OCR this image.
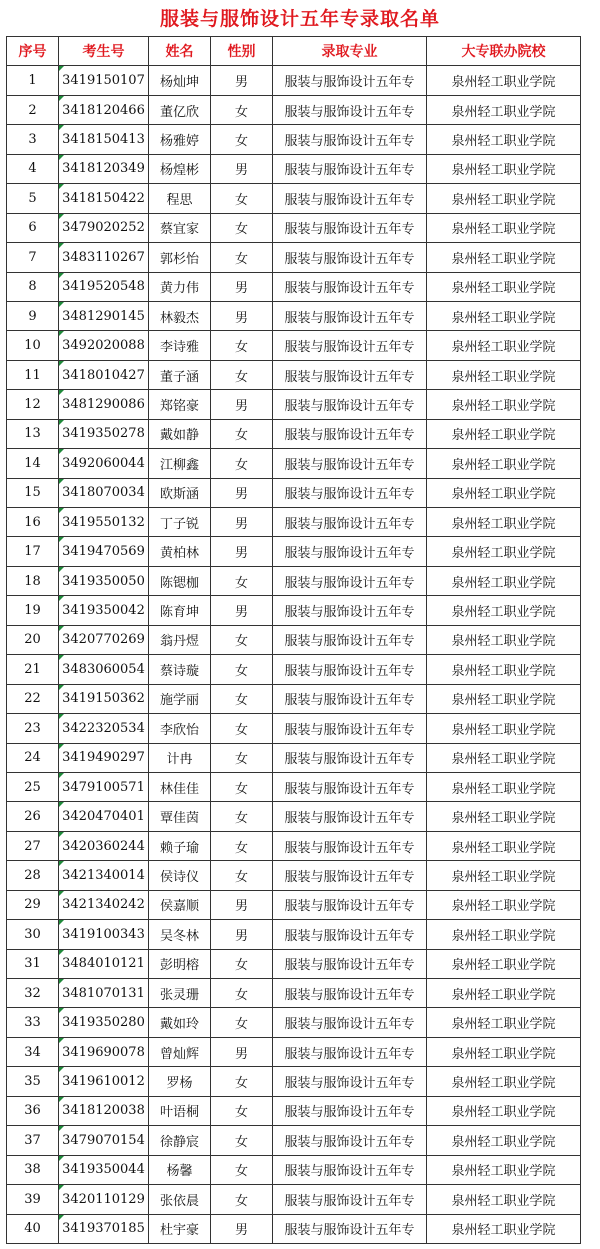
服装与服饰设计五年专录取名单
序号	考生号	姓名	性别	录取专业	大专联办院校
1	3419150107	杨灿坤	男	服装与服饰设计五年专	泉州轻工职业学院
2	3418120466	董亿欣	女	服装与服饰设计五年专	泉州轻工职业学院
3	3418150413	杨雅婷	女	服装与服饰设计五年专	泉州轻工职业学院
4	3418120349	杨煌彬	男	服装与服饰设计五年专	泉州轻工职业学院
5	3418150422	程思	女	服装与服饰设计五年专	泉州轻工职业学院
6	3479020252	蔡宜家	女	服装与服饰设计五年专	泉州轻工职业学院
7	3483110267	郭杉怡	女	服装与服饰设计五年专	泉州轻工职业学院
8	3419520548	黄力伟	男	服装与服饰设计五年专	泉州轻工职业学院
9	3481290145	林毅杰	男	服装与服饰设计五年专	泉州轻工职业学院
10	3492020088	李诗雅	女	服装与服饰设计五年专	泉州轻工职业学院
11	3418010427	董子涵	女	服装与服饰设计五年专	泉州轻工职业学院
12	3481290086	郑铭豪	男	服装与服饰设计五年专	泉州轻工职业学院
13	3419350278	戴如静	女	服装与服饰设计五年专	泉州轻工职业学院
14	3492060044	江柳鑫	女	服装与服饰设计五年专	泉州轻工职业学院
15	3418070034	欧斯涵	男	服装与服饰设计五年专	泉州轻工职业学院
16	3419550132	丁子锐	男	服装与服饰设计五年专	泉州轻工职业学院
17	3419470569	黄柏林	男	服装与服饰设计五年专	泉州轻工职业学院
18	3419350050	陈锶枷	女	服装与服饰设计五年专	泉州轻工职业学院
19	3419350042	陈育坤	男	服装与服饰设计五年专	泉州轻工职业学院
20	3420770269	翁丹煜	女	服装与服饰设计五年专	泉州轻工职业学院
21	3483060054	蔡诗璇	女	服装与服饰设计五年专	泉州轻工职业学院
22	3419150362	施学丽	女	服装与服饰设计五年专	泉州轻工职业学院
23	3422320534	李欣怡	女	服装与服饰设计五年专	泉州轻工职业学院
24	3419490297	计冉	女	服装与服饰设计五年专	泉州轻工职业学院
25	3479100571	林佳佳	女	服装与服饰设计五年专	泉州轻工职业学院
26	3420470401	覃佳茵	女	服装与服饰设计五年专	泉州轻工职业学院
27	3420360244	赖子瑜	女	服装与服饰设计五年专	泉州轻工职业学院
28	3421340014	侯诗仪	女	服装与服饰设计五年专	泉州轻工职业学院
29	3421340242	侯嘉顺	男	服装与服饰设计五年专	泉州轻工职业学院
30	3419100343	吴冬林	男	服装与服饰设计五年专	泉州轻工职业学院
31	3484010121	彭明榕	女	服装与服饰设计五年专	泉州轻工职业学院
32	3481070131	张灵珊	女	服装与服饰设计五年专	泉州轻工职业学院
33	3419350280	戴如玲	女	服装与服饰设计五年专	泉州轻工职业学院
34	3419690078	曾灿辉	男	服装与服饰设计五年专	泉州轻工职业学院
35	3419610012	罗杨	女	服装与服饰设计五年专	泉州轻工职业学院
36	3418120038	叶语桐	女	服装与服饰设计五年专	泉州轻工职业学院
37	3479070154	徐静宸	女	服装与服饰设计五年专	泉州轻工职业学院
38	3419350044	杨馨	女	服装与服饰设计五年专	泉州轻工职业学院
39	3420110129	张依晨	女	服装与服饰设计五年专	泉州轻工职业学院
40	3419370185	杜宇豪	男	服装与服饰设计五年专	泉州轻工职业学院
